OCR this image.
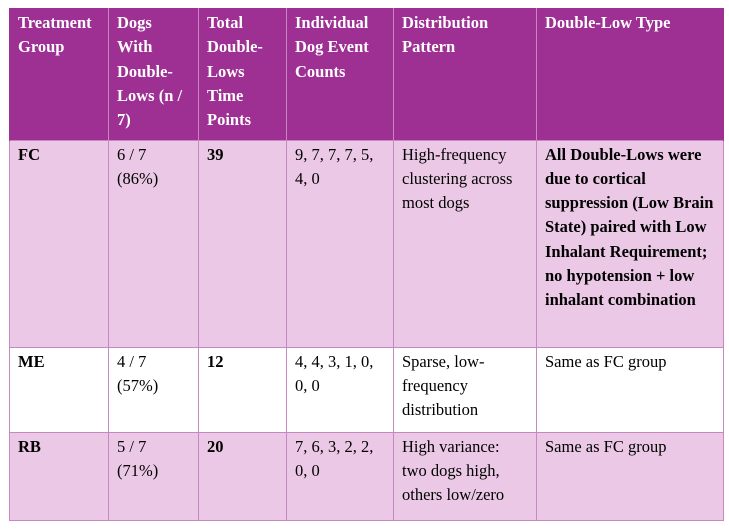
Treatment Group	Dogs With Double-Lows (n / 7)	Total Double-Lows Time Points	Individual Dog Event Counts	Distribution Pattern	Double-Low Type
FC	6 / 7 (86%)	39	9, 7, 7, 7, 5, 4, 0	High-frequency clustering across most dogs	All Double-Lows were due to cortical suppression (Low Brain State) paired with Low Inhalant Requirement; no hypotension + low inhalant combination
ME	4 / 7 (57%)	12	4, 4, 3, 1, 0, 0, 0	Sparse, low-frequency distribution	Same as FC group
RB	5 / 7 (71%)	20	7, 6, 3, 2, 2, 0, 0	High variance: two dogs high, others low/zero	Same as FC group
